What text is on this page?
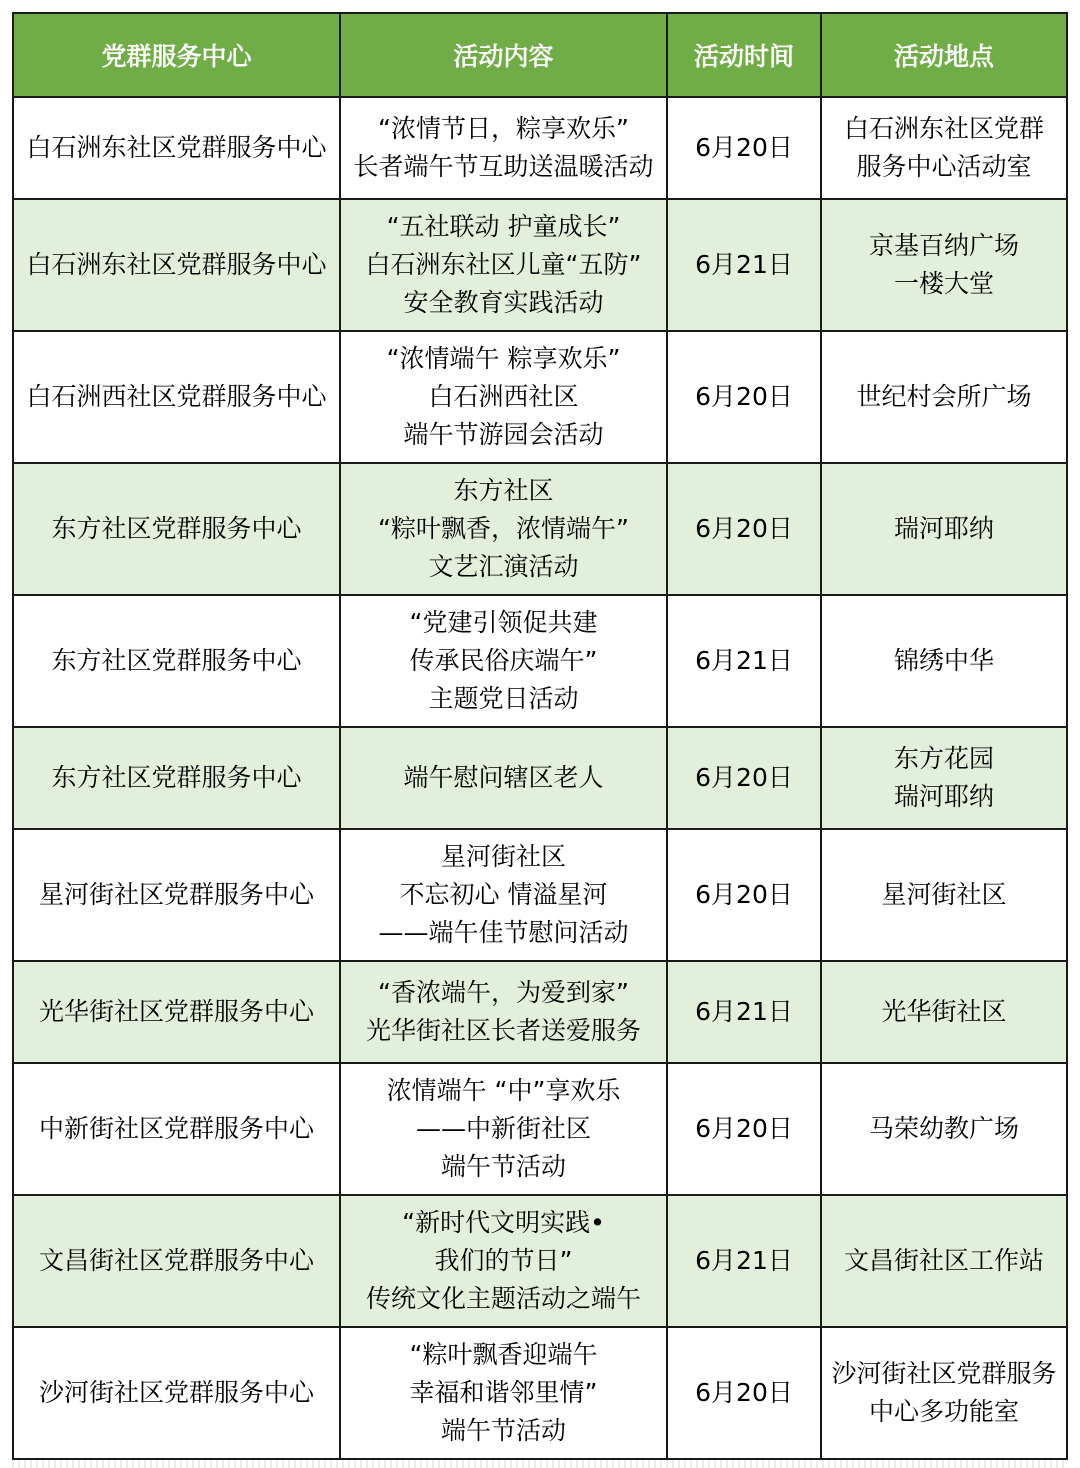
党群服务中心	活动内容	活动时间	活动地点

白石洲东社区党群服务中心	“浓情节日，粽享欢乐”
长者端午节互助送温暖活动	6月20日	白石洲东社区党群
服务中心活动室

白石洲东社区党群服务中心	“五社联动 护童成长”
白石洲东社区儿童“五防”
安全教育实践活动	6月21日	京基百纳广场
一楼大堂

白石洲西社区党群服务中心	“浓情端午 粽享欢乐”
白石洲西社区
端午节游园会活动	6月20日	世纪村会所广场

东方社区党群服务中心	东方社区
“粽叶飘香，浓情端午”
文艺汇演活动	6月20日	瑞河耶纳

东方社区党群服务中心	“党建引领促共建
传承民俗庆端午”
主题党日活动	6月21日	锦绣中华

东方社区党群服务中心	端午慰问辖区老人	6月20日	东方花园
瑞河耶纳

星河街社区党群服务中心	星河街社区
不忘初心 情溢星河
——端午佳节慰问活动	6月20日	星河街社区

光华街社区党群服务中心	“香浓端午，为爱到家”
光华街社区长者送爱服务	6月21日	光华街社区

中新街社区党群服务中心	浓情端午 “中”享欢乐
——中新街社区
端午节活动	6月20日	马荣幼教广场

文昌街社区党群服务中心	“新时代文明实践•
我们的节日”
传统文化主题活动之端午	6月21日	文昌街社区工作站

沙河街社区党群服务中心	“粽叶飘香迎端午
幸福和谐邻里情”
端午节活动	6月20日	沙河街社区党群服务
中心多功能室
